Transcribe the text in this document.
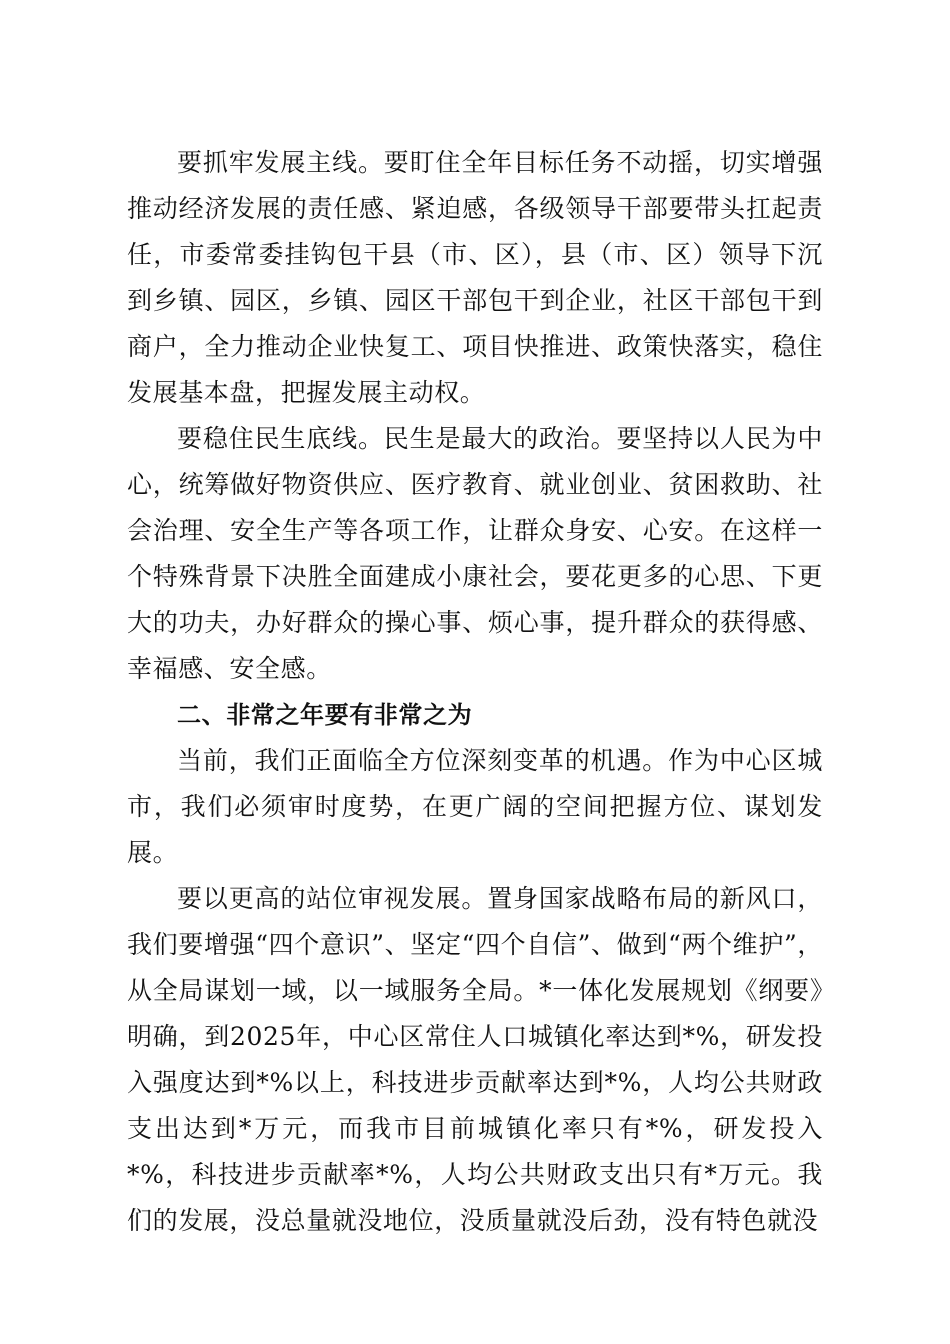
要抓牢发展主线。要盯住全年目标任务不动摇，切实增强推动经济发展的责任感、紧迫感，各级领导干部要带头扛起责任，市委常委挂钩包干县（市、区），县（市、区）领导下沉到乡镇、园区，乡镇、园区干部包干到企业，社区干部包干到商户，全力推动企业快复工、项目快推进、政策快落实，稳住发展基本盘，把握发展主动权。

要稳住民生底线。民生是最大的政治。要坚持以人民为中心，统筹做好物资供应、医疗教育、就业创业、贫困救助、社会治理、安全生产等各项工作，让群众身安、心安。在这样一个特殊背景下决胜全面建成小康社会，要花更多的心思、下更大的功夫，办好群众的操心事、烦心事，提升群众的获得感、幸福感、安全感。

二、非常之年要有非常之为

当前，我们正面临全方位深刻变革的机遇。作为中心区城市，我们必须审时度势，在更广阔的空间把握方位、谋划发展。

要以更高的站位审视发展。置身国家战略布局的新风口，我们要增强“四个意识”、坚定“四个自信”、做到“两个维护”，从全局谋划一域，以一域服务全局。*一体化发展规划《纲要》明确，到2025年，中心区常住人口城镇化率达到*%，研发投入强度达到*%以上，科技进步贡献率达到*%，人均公共财政支出达到*万元，而我市目前城镇化率只有*%，研发投入*%，科技进步贡献率*%，人均公共财政支出只有*万元。我们的发展，没总量就没地位，没质量就没后劲，没有特色就没
